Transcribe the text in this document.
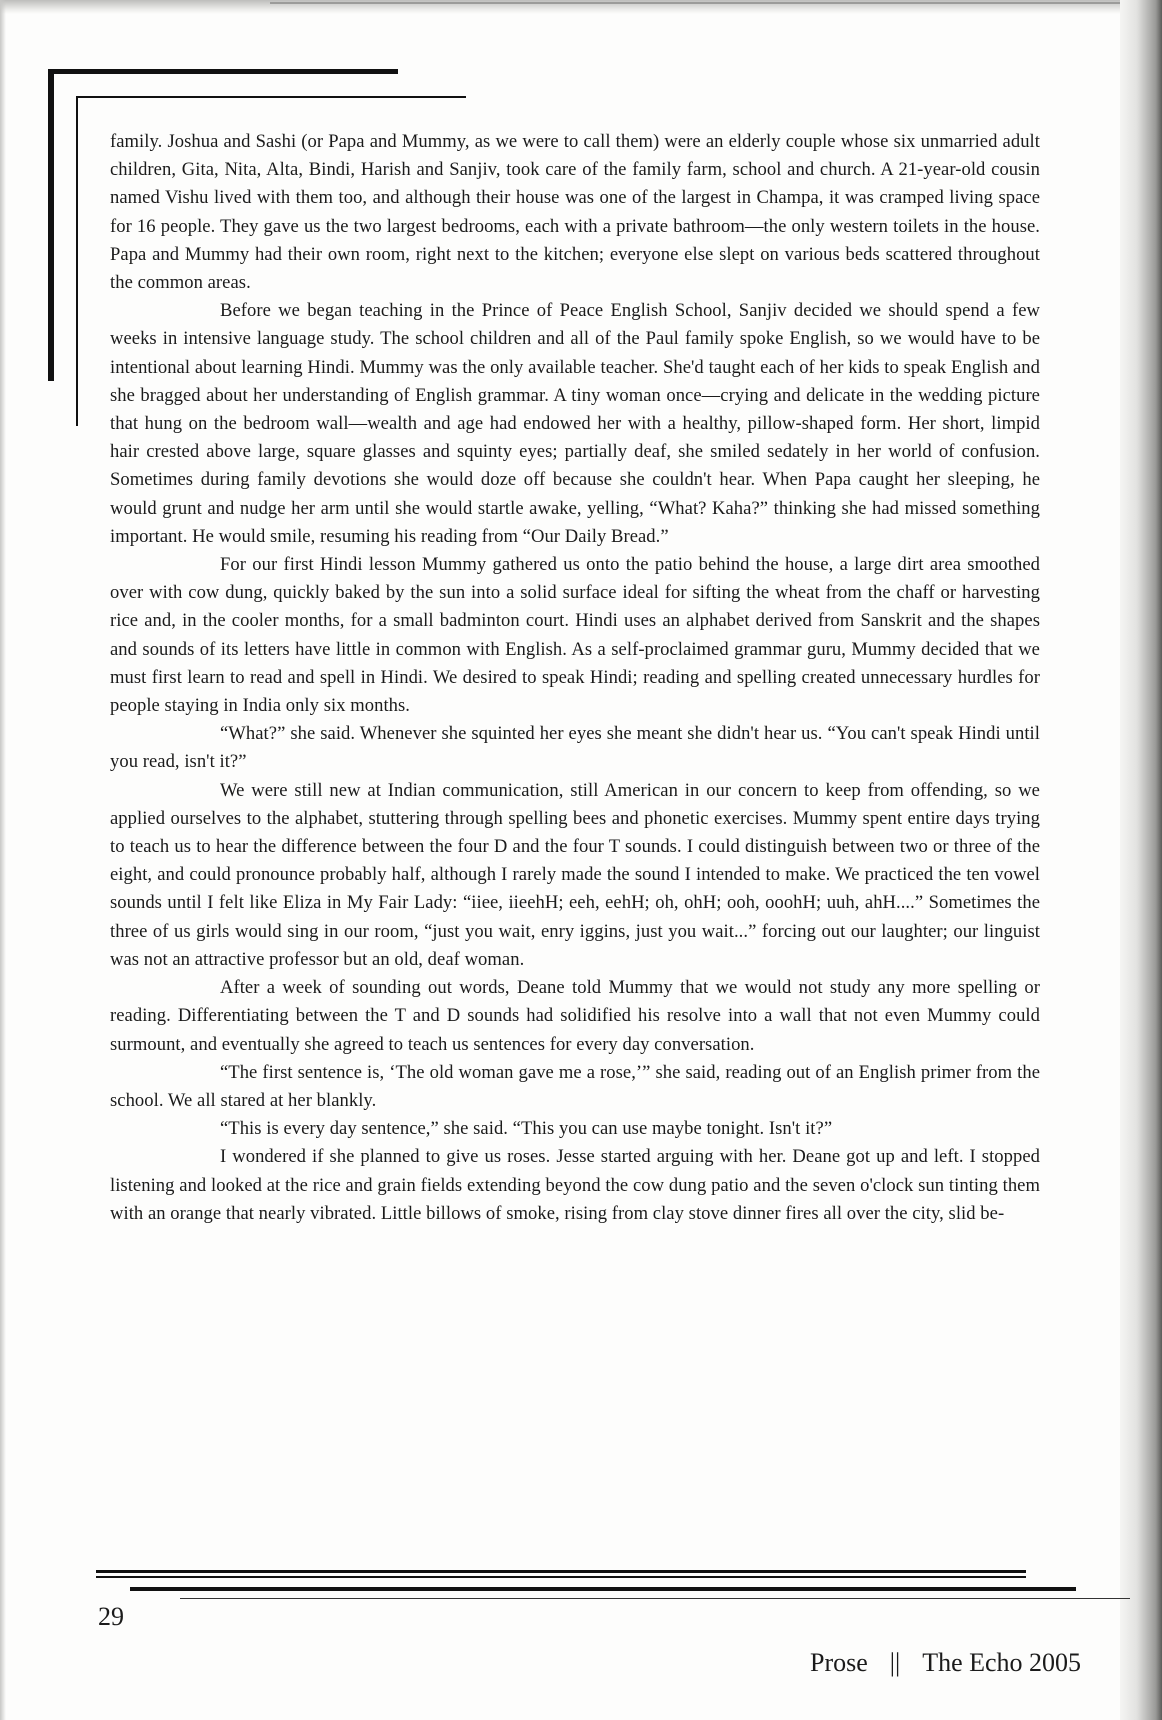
family. Joshua and Sashi (or Papa and Mummy, as we were to call them) were an elderly couple whose six unmarried adult children, Gita, Nita, Alta, Bindi, Harish and Sanjiv, took care of the family farm, school and church. A 21-year-old cousin named Vishu lived with them too, and although their house was one of the largest in Champa, it was cramped living space for 16 people. They gave us the two largest bedrooms, each with a private bathroom—the only western toilets in the house. Papa and Mummy had their own room, right next to the kitchen; everyone else slept on various beds scattered throughout the common areas.

Before we began teaching in the Prince of Peace English School, Sanjiv decided we should spend a few weeks in intensive language study. The school children and all of the Paul family spoke English, so we would have to be intentional about learning Hindi. Mummy was the only available teacher. She'd taught each of her kids to speak English and she bragged about her understanding of English grammar. A tiny woman once—crying and delicate in the wedding picture that hung on the bedroom wall—wealth and age had endowed her with a healthy, pillow-shaped form. Her short, limpid hair crested above large, square glasses and squinty eyes; partially deaf, she smiled sedately in her world of confusion. Sometimes during family devotions she would doze off because she couldn't hear. When Papa caught her sleeping, he would grunt and nudge her arm until she would startle awake, yelling, “What? Kaha?” thinking she had missed something important. He would smile, resuming his reading from “Our Daily Bread.”

For our first Hindi lesson Mummy gathered us onto the patio behind the house, a large dirt area smoothed over with cow dung, quickly baked by the sun into a solid surface ideal for sifting the wheat from the chaff or harvesting rice and, in the cooler months, for a small badminton court. Hindi uses an alphabet derived from Sanskrit and the shapes and sounds of its letters have little in common with English. As a self-proclaimed grammar guru, Mummy decided that we must first learn to read and spell in Hindi. We desired to speak Hindi; reading and spelling created unnecessary hurdles for people staying in India only six months.

“What?” she said. Whenever she squinted her eyes she meant she didn't hear us. “You can't speak Hindi until you read, isn't it?”

We were still new at Indian communication, still American in our concern to keep from offending, so we applied ourselves to the alphabet, stuttering through spelling bees and phonetic exercises. Mummy spent entire days trying to teach us to hear the difference between the four D and the four T sounds. I could distinguish between two or three of the eight, and could pronounce probably half, although I rarely made the sound I intended to make. We practiced the ten vowel sounds until I felt like Eliza in My Fair Lady: “iiee, iieehH; eeh, eehH; oh, ohH; ooh, ooohH; uuh, ahH....” Sometimes the three of us girls would sing in our room, “just you wait, enry iggins, just you wait...” forcing out our laughter; our linguist was not an attractive professor but an old, deaf woman.

After a week of sounding out words, Deane told Mummy that we would not study any more spelling or reading. Differentiating between the T and D sounds had solidified his resolve into a wall that not even Mummy could surmount, and eventually she agreed to teach us sentences for every day conversation.

“The first sentence is, ‘The old woman gave me a rose,’” she said, reading out of an English primer from the school. We all stared at her blankly.

“This is every day sentence,” she said. “This you can use maybe tonight. Isn't it?”

I wondered if she planned to give us roses. Jesse started arguing with her. Deane got up and left. I stopped listening and looked at the rice and grain fields extending beyond the cow dung patio and the seven o'clock sun tinting them with an orange that nearly vibrated. Little billows of smoke, rising from clay stove dinner fires all over the city, slid be-

29
Prose || The Echo 2005
